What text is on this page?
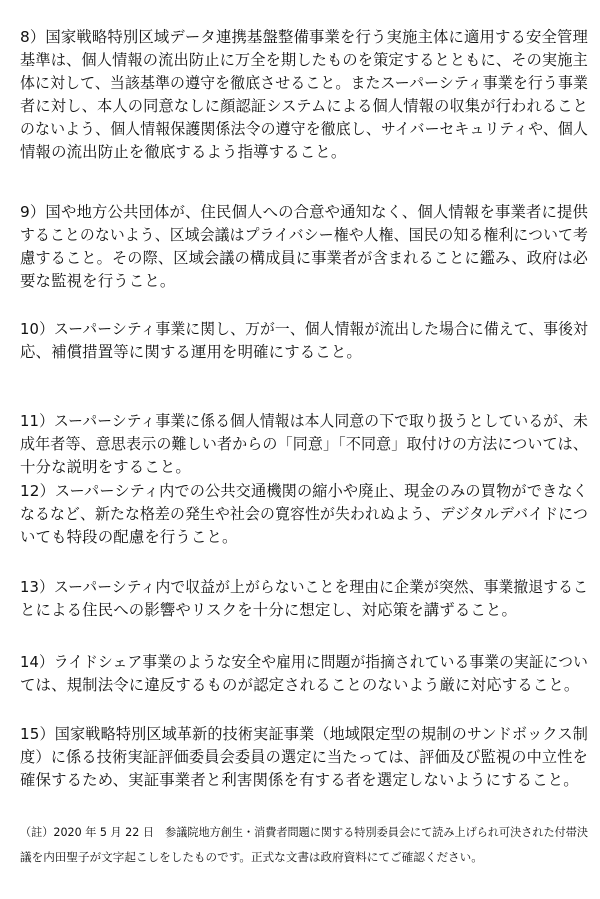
8）国家戦略特別区域データ連携基盤整備事業を行う実施主体に適用する安全管理
基準は、個人情報の流出防止に万全を期したものを策定するとともに、その実施主
体に対して、当該基準の遵守を徹底させること。またスーパーシティ事業を行う事業
者に対し、本人の同意なしに顔認証システムによる個人情報の収集が行われること
のないよう、個人情報保護関係法令の遵守を徹底し、サイバーセキュリティや、個人
情報の流出防止を徹底するよう指導すること。

9）国や地方公共団体が、住民個人への合意や通知なく、個人情報を事業者に提供
することのないよう、区域会議はプライバシー権や人権、国民の知る権利について考
慮すること。その際、区域会議の構成員に事業者が含まれることに鑑み、政府は必
要な監視を行うこと。

10）スーパーシティ事業に関し、万が一、個人情報が流出した場合に備えて、事後対
応、補償措置等に関する運用を明確にすること。

11）スーパーシティ事業に係る個人情報は本人同意の下で取り扱うとしているが、未
成年者等、意思表示の難しい者からの「同意」「不同意」取付けの方法については、
十分な説明をすること。

12）スーパーシティ内での公共交通機関の縮小や廃止、現金のみの買物ができなく
なるなど、新たな格差の発生や社会の寛容性が失われぬよう、デジタルデバイドにつ
いても特段の配慮を行うこと。

13）スーパーシティ内で収益が上がらないことを理由に企業が突然、事業撤退するこ
とによる住民への影響やリスクを十分に想定し、対応策を講ずること。

14）ライドシェア事業のような安全や雇用に問題が指摘されている事業の実証につい
ては、規制法令に違反するものが認定されることのないよう厳に対応すること。

15）国家戦略特別区域革新的技術実証事業（地域限定型の規制のサンドボックス制
度）に係る技術実証評価委員会委員の選定に当たっては、評価及び監視の中立性を
確保するため、実証事業者と利害関係を有する者を選定しないようにすること。

（註）2020 年 5 月 22 日　参議院地方創生・消費者問題に関する特別委員会にて読み上げられ可決された付帯決
議を内田聖子が文字起こしをしたものです。正式な文書は政府資料にてご確認ください。
